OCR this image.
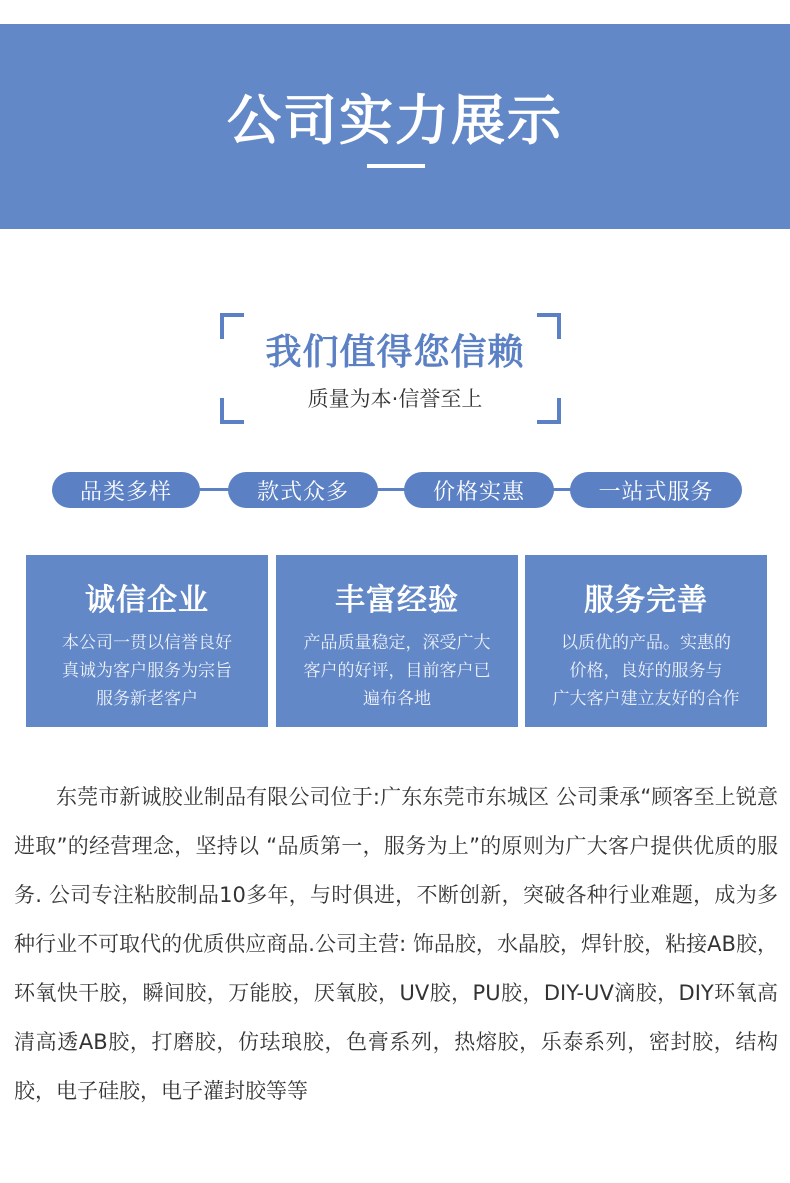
公司实力展示
我们值得您信赖
质量为本·信誉至上
品类多样	款式众多	价格实惠	一站式服务
诚信企业
本公司一贯以信誉良好
真诚为客户服务为宗旨
服务新老客户
丰富经验
产品质量稳定，深受广大
客户的好评，目前客户已
遍布各地
服务完善
以质优的产品。实惠的
价格，良好的服务与
广大客户建立友好的合作
东莞市新诚胶业制品有限公司位于:广东东莞市东城区 公司秉承“顾客至上锐意进取”的经营理念，坚持以 “品质第一，服务为上”的原则为广大客户提供优质的服务. 公司专注粘胶制品10多年，与时俱进，不断创新，突破各种行业难题，成为多种行业不可取代的优质供应商品.公司主营: 饰品胶，水晶胶，焊针胶，粘接AB胶，环氧快干胶，瞬间胶，万能胶，厌氧胶，UV胶，PU胶，DIY-UV滴胶，DIY环氧高清高透AB胶，打磨胶，仿珐琅胶，色膏系列，热熔胶，乐泰系列，密封胶，结构胶，电子硅胶，电子灌封胶等等
